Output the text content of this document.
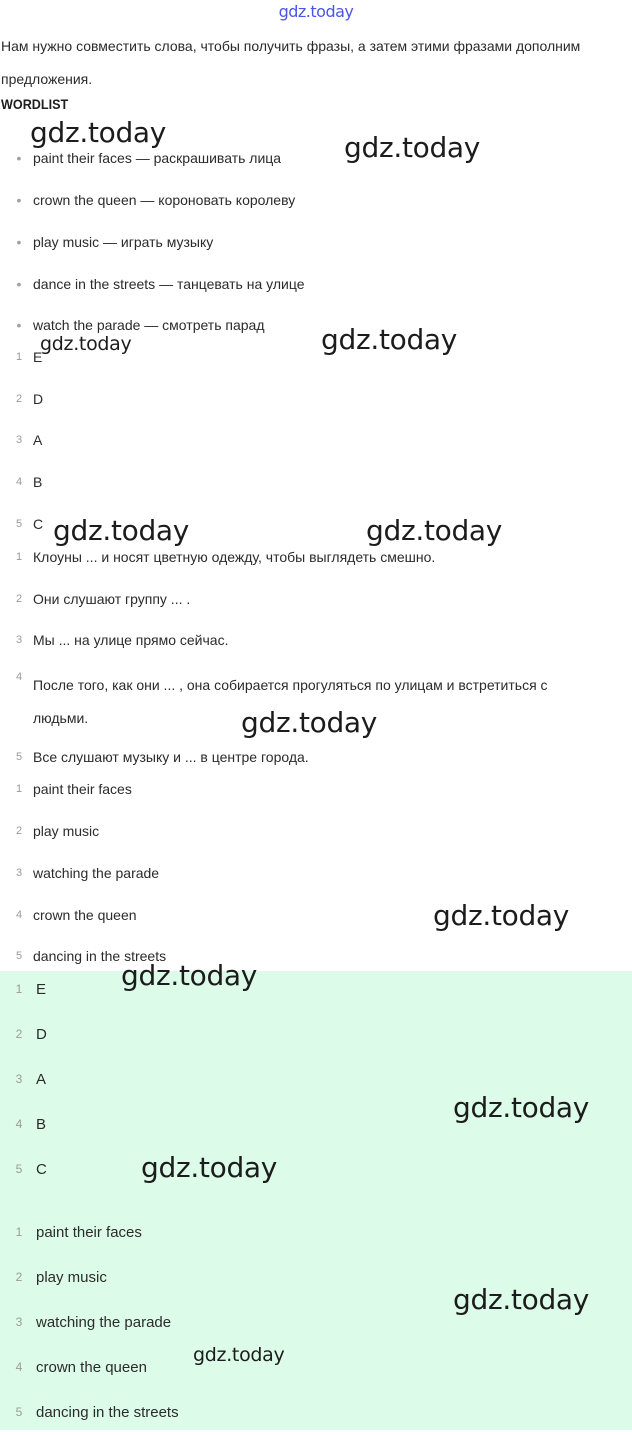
gdz.today
Нам нужно совместить слова, чтобы получить фразы, а затем этими фразами дополним предложения.
WORDLIST
• paint their faces — раскрашивать лица
• crown the queen — короновать королеву
• play music — играть музыку
• dance in the streets — танцевать на улице
• watch the parade — смотреть парад
1 E
2 D
3 A
4 B
5 C
1 Клоуны ... и носят цветную одежду, чтобы выглядеть смешно.
2 Они слушают группу ... .
3 Мы ... на улице прямо сейчас.
4 После того, как они ... , она собирается прогуляться по улицам и встретиться с людьми.
5 Все слушают музыку и ... в центре города.
1 paint their faces
2 play music
3 watching the parade
4 crown the queen
5 dancing in the streets
1 E
2 D
3 A
4 B
5 C
1 paint their faces
2 play music
3 watching the parade
4 crown the queen
5 dancing in the streets
gdz.today	gdz.today
gdz.today	gdz.today
gdz.today	gdz.today
gdz.today
gdz.today
gdz.today
gdz.today
gdz.today
gdz.today
gdz.today
